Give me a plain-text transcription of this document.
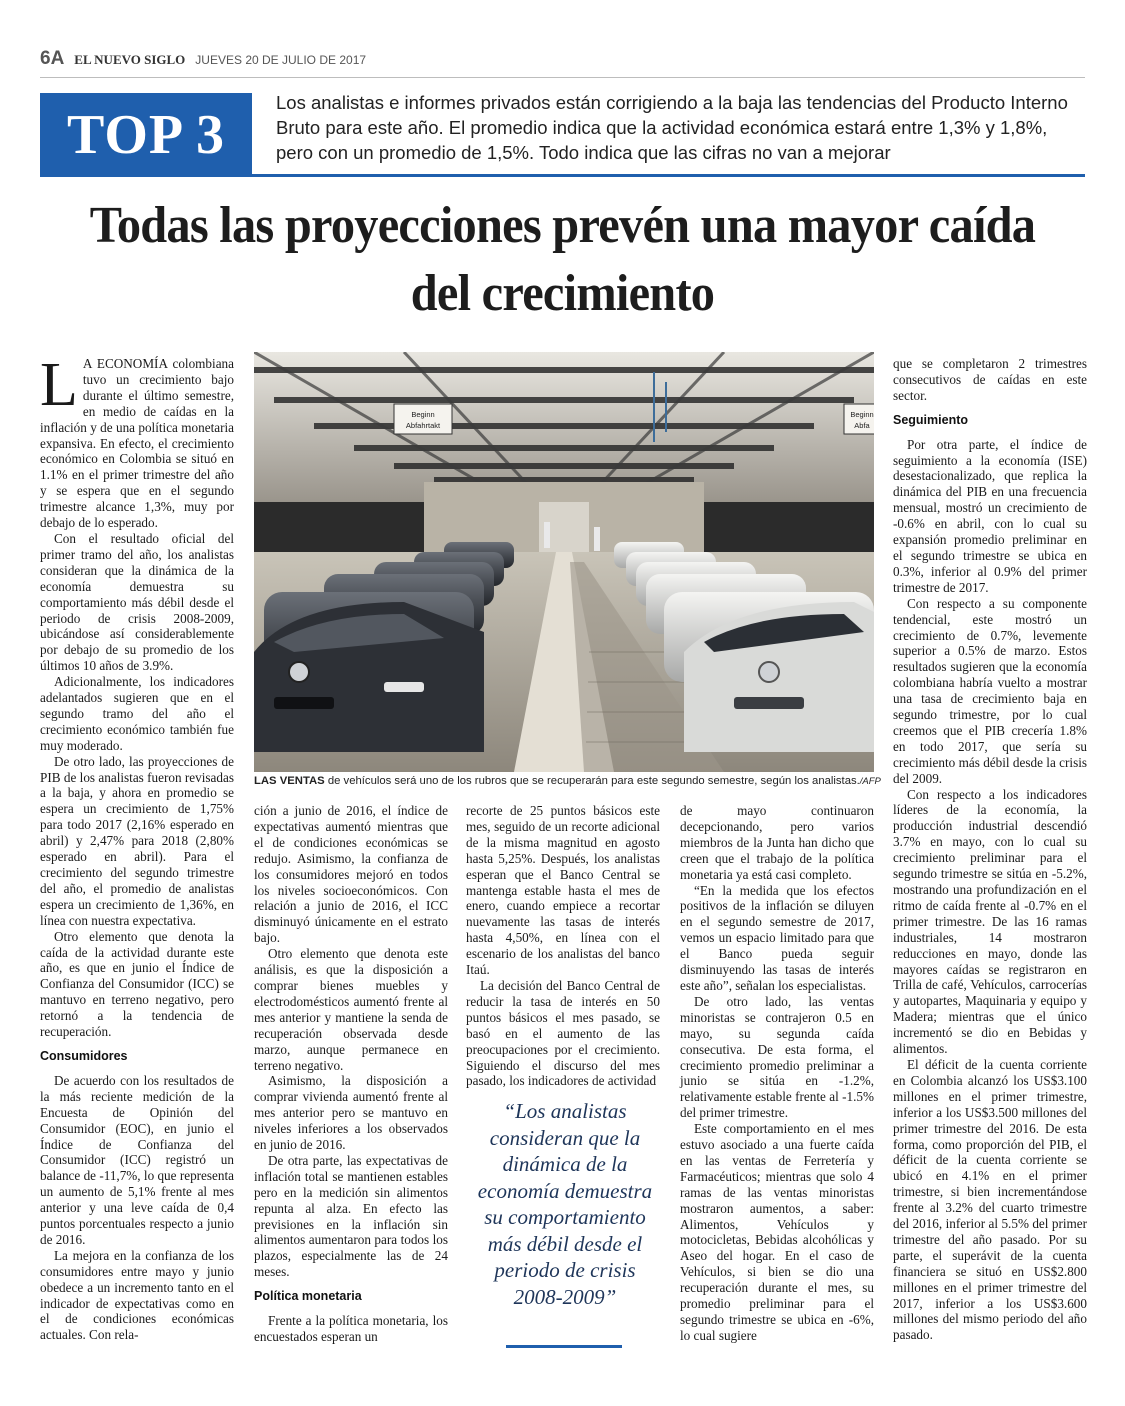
6A EL NUEVO SIGLO JUEVES 20 DE JULIO DE 2017
TOP 3
Los analistas e informes privados están corrigiendo a la baja las tendencias del Producto Interno Bruto para este año. El promedio indica que la actividad económica estará entre 1,3% y 1,8%, pero con un promedio de 1,5%. Todo indica que las cifras no van a mejorar
Todas las proyecciones prevén una mayor caída del crecimiento

L A ECONOMÍA colombiana tuvo un crecimiento bajo durante el último semestre, en medio de caídas en la inflación y de una política monetaria expansiva. En efecto, el crecimiento económico en Colombia se situó en 1.1% en el primer trimestre del año y se espera que en el segundo trimestre alcance 1,3%, muy por debajo de lo esperado.

Con el resultado oficial del primer tramo del año, los analistas consideran que la dinámica de la economía demuestra su comportamiento más débil desde el periodo de crisis 2008-2009, ubicándose así considerablemente por debajo de su promedio de los últimos 10 años de 3.9%.

Adicionalmente, los indicadores adelantados sugieren que en el segundo tramo del año el crecimiento económico también fue muy moderado.

De otro lado, las proyecciones de PIB de los analistas fueron revisadas a la baja, y ahora en promedio se espera un crecimiento de 1,75% para todo 2017 (2,16% esperado en abril) y 2,47% para 2018 (2,80% esperado en abril). Para el crecimiento del segundo trimestre del año, el promedio de analistas espera un crecimiento de 1,36%, en línea con nuestra expectativa.

Otro elemento que denota la caída de la actividad durante este año, es que en junio el Índice de Confianza del Consumidor (ICC) se mantuvo en terreno negativo, pero retornó a la tendencia de recuperación.

Consumidores

De acuerdo con los resultados de la más reciente medición de la Encuesta de Opinión del Consumidor (EOC), en junio el Índice de Confianza del Consumidor (ICC) registró un balance de -11,7%, lo que representa un aumento de 5,1% frente al mes anterior y una leve caída de 0,4 puntos porcentuales respecto a junio de 2016.

La mejora en la confianza de los consumidores entre mayo y junio obedece a un incremento tanto en el indicador de expectativas como en el de condiciones económicas actuales. Con rela-

Beginn
Abfahrtakt
Beginn
Abfa
LAS VENTAS de vehículos será uno de los rubros que se recuperarán para este segundo semestre, según los analistas./AFP

ción a junio de 2016, el índice de expectativas aumentó mientras que el de condiciones económicas se redujo. Asimismo, la confianza de los consumidores mejoró en todos los niveles socioeconómicos. Con relación a junio de 2016, el ICC disminuyó únicamente en el estrato bajo.

Otro elemento que denota este análisis, es que la disposición a comprar bienes muebles y electrodomésticos aumentó frente al mes anterior y mantiene la senda de recuperación observada desde marzo, aunque permanece en terreno negativo.

Asimismo, la disposición a comprar vivienda aumentó frente al mes anterior pero se mantuvo en niveles inferiores a los observados en junio de 2016.

De otra parte, las expectativas de inflación total se mantienen estables pero en la medición sin alimentos repunta al alza. En efecto las previsiones en la inflación sin alimentos aumentaron para todos los plazos, especialmente las de 24 meses.

Política monetaria

Frente a la política monetaria, los encuestados esperan un

recorte de 25 puntos básicos este mes, seguido de un recorte adicional de la misma magnitud en agosto hasta 5,25%. Después, los analistas esperan que el Banco Central se mantenga estable hasta el mes de enero, cuando empiece a recortar nuevamente las tasas de interés hasta 4,50%, en línea con el escenario de los analistas del banco Itaú.

La decisión del Banco Central de reducir la tasa de interés en 50 puntos básicos el mes pasado, se basó en el aumento de las preocupaciones por el crecimiento. Siguiendo el discurso del mes pasado, los indicadores de actividad

“Los analistas consideran que la dinámica de la economía demuestra su comportamiento más débil desde el periodo de crisis 2008-2009”

de mayo continuaron decepcionando, pero varios miembros de la Junta han dicho que creen que el trabajo de la política monetaria ya está casi completo.

“En la medida que los efectos positivos de la inflación se diluyen en el segundo semestre de 2017, vemos un espacio limitado para que el Banco pueda seguir disminuyendo las tasas de interés este año”, señalan los especialistas.

De otro lado, las ventas minoristas se contrajeron 0.5 en mayo, su segunda caída consecutiva. De esta forma, el crecimiento promedio preliminar a junio se sitúa en -1.2%, relativamente estable frente al -1.5% del primer trimestre.

Este comportamiento en el mes estuvo asociado a una fuerte caída en las ventas de Ferretería y Farmacéuticos; mientras que solo 4 ramas de las ventas minoristas mostraron aumentos, a saber: Alimentos, Vehículos y motocicletas, Bebidas alcohólicas y Aseo del hogar. En el caso de Vehículos, si bien se dio una recuperación durante el mes, su promedio preliminar para el segundo trimestre se ubica en -6%, lo cual sugiere

que se completaron 2 trimestres consecutivos de caídas en este sector.

Seguimiento

Por otra parte, el índice de seguimiento a la economía (ISE) desestacionalizado, que replica la dinámica del PIB en una frecuencia mensual, mostró un crecimiento de -0.6% en abril, con lo cual su expansión promedio preliminar en el segundo trimestre se ubica en 0.3%, inferior al 0.9% del primer trimestre de 2017.

Con respecto a su componente tendencial, este mostró un crecimiento de 0.7%, levemente superior a 0.5% de marzo. Estos resultados sugieren que la economía colombiana habría vuelto a mostrar una tasa de crecimiento baja en segundo trimestre, por lo cual creemos que el PIB crecería 1.8% en todo 2017, que sería su crecimiento más débil desde la crisis del 2009.

Con respecto a los indicadores líderes de la economía, la producción industrial descendió 3.7% en mayo, con lo cual su crecimiento preliminar para el segundo trimestre se sitúa en -5.2%, mostrando una profundización en el ritmo de caída frente al -0.7% en el primer trimestre. De las 16 ramas industriales, 14 mostraron reducciones en mayo, donde las mayores caídas se registraron en Trilla de café, Vehículos, carrocerías y autopartes, Maquinaria y equipo y Madera; mientras que el único incrementó se dio en Bebidas y alimentos.

El déficit de la cuenta corriente en Colombia alcanzó los US$3.100 millones en el primer trimestre, inferior a los US$3.500 millones del primer trimestre del 2016. De esta forma, como proporción del PIB, el déficit de la cuenta corriente se ubicó en 4.1% en el primer trimestre, si bien incrementándose frente al 3.2% del cuarto trimestre del 2016, inferior al 5.5% del primer trimestre del año pasado. Por su parte, el superávit de la cuenta financiera se situó en US$2.800 millones en el primer trimestre del 2017, inferior a los US$3.600 millones del mismo periodo del año pasado.
